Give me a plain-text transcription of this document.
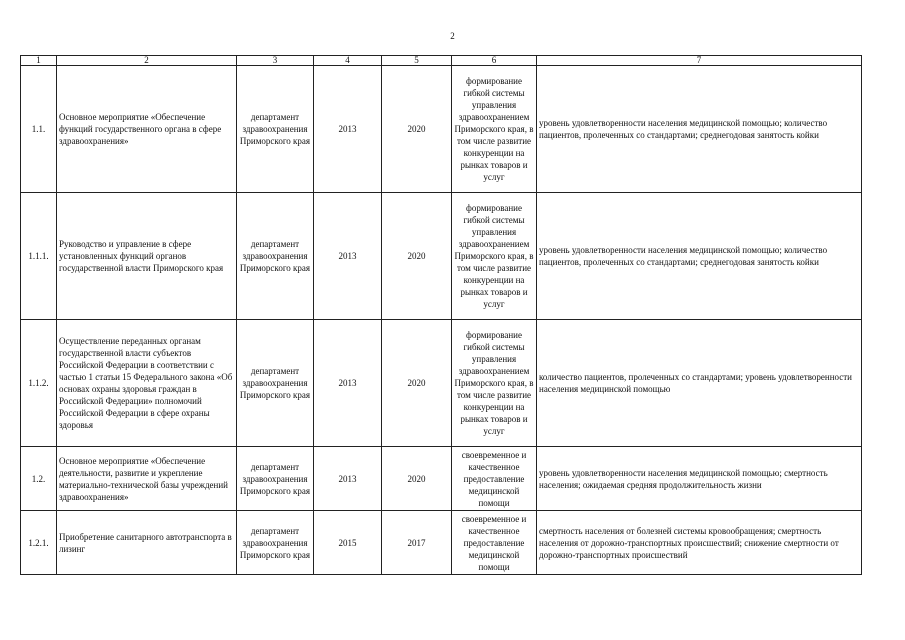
2
1	2	3	4	5	6	7
1.1.	Основное мероприятие «Обеспечение функций государственного органа в сфере здравоохранения»	департамент здравоохранения Приморского края	2013	2020	формирование гибкой системы управления здравоохранением Приморского края, в том числе развитие конкуренции на рынках товаров и услуг	уровень удовлетворенности населения медицинской помощью; количество пациентов, пролеченных со стандартами; среднегодовая занятость койки
1.1.1.	Руководство и управление в сфере установленных функций органов государственной власти Приморского края	департамент здравоохранения Приморского края	2013	2020	формирование гибкой системы управления здравоохранением Приморского края, в том числе развитие конкуренции на рынках товаров и услуг	уровень удовлетворенности населения медицинской помощью; количество пациентов, пролеченных со стандартами; среднегодовая занятость койки
1.1.2.	Осуществление переданных органам государственной власти субъектов Российской Федерации в соответствии с частью 1 статьи 15 Федерального закона «Об основах охраны здоровья граждан в Российской Федерации» полномочий Российской Федерации в сфере охраны здоровья	департамент здравоохранения Приморского края	2013	2020	формирование гибкой системы управления здравоохранением Приморского края, в том числе развитие конкуренции на рынках товаров и услуг	количество пациентов, пролеченных со стандартами; уровень удовлетворенности населения медицинской помощью
1.2.	Основное мероприятие «Обеспечение деятельности, развитие и укрепление материально-технической базы учреждений здравоохранения»	департамент здравоохранения Приморского края	2013	2020	своевременное и качественное предоставление медицинской помощи	уровень удовлетворенности населения медицинской помощью; смертность населения; ожидаемая средняя продолжительность жизни
1.2.1.	Приобретение санитарного автотранспорта в лизинг	департамент здравоохранения Приморского края	2015	2017	своевременное и качественное предоставление медицинской помощи	смертность населения от болезней системы кровообращения; смертность населения от дорожно-транспортных происшествий; снижение смертности от дорожно-транспортных происшествий
